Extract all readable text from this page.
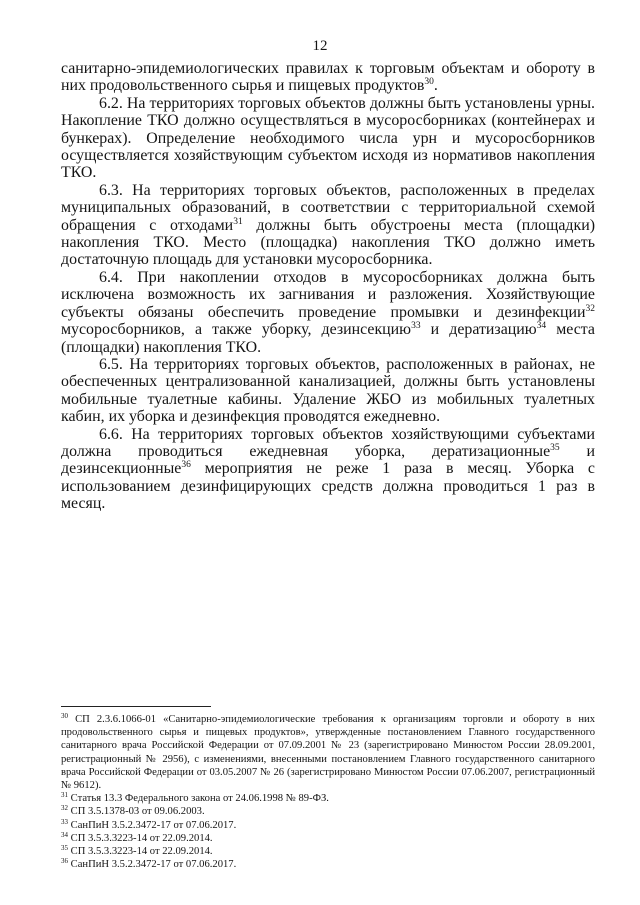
12

санитарно-эпидемиологических правилах к торговым объектам и обороту в них продовольственного сырья и пищевых продуктов$^{30}$.

6.2. На территориях торговых объектов должны быть установлены урны. Накопление ТКО должно осуществляться в мусоросборниках (контейнерах и бункерах). Определение необходимого числа урн и мусоросборников осуществляется хозяйствующим субъектом исходя из нормативов накопления ТКО.

6.3. На территориях торговых объектов, расположенных в пределах муниципальных образований, в соответствии с территориальной схемой обращения с отходами$^{31}$ должны быть обустроены места (площадки) накопления ТКО. Место (площадка) накопления ТКО должно иметь достаточную площадь для установки мусоросборника.

6.4. При накоплении отходов в мусоросборниках должна быть исключена возможность их загнивания и разложения. Хозяйствующие субъекты обязаны обеспечить проведение промывки и дезинфекции$^{32}$ мусоросборников, а также уборку, дезинсекцию$^{33}$ и дератизацию$^{34}$ места (площадки) накопления ТКО.

6.5. На территориях торговых объектов, расположенных в районах, не обеспеченных централизованной канализацией, должны быть установлены мобильные туалетные кабины. Удаление ЖБО из мобильных туалетных кабин, их уборка и дезинфекция проводятся ежедневно.

6.6. На территориях торговых объектов хозяйствующими субъектами должна проводиться ежедневная уборка, дератизационные$^{35}$ и дезинсекционные$^{36}$ мероприятия не реже 1 раза в месяц. Уборка с использованием дезинфицирующих средств должна проводиться 1 раз в месяц.

$^{30}$ СП 2.3.6.1066-01 «Санитарно-эпидемиологические требования к организациям торговли и обороту в них продовольственного сырья и пищевых продуктов», утвержденные постановлением Главного государственного санитарного врача Российской Федерации от 07.09.2001 № 23 (зарегистрировано Минюстом России 28.09.2001, регистрационный № 2956), с изменениями, внесенными постановлением Главного государственного санитарного врача Российской Федерации от 03.05.2007 № 26 (зарегистрировано Минюстом России 07.06.2007, регистрационный № 9612).

$^{31}$ Статья 13.3 Федерального закона от 24.06.1998 № 89-ФЗ.

$^{32}$ СП 3.5.1378-03 от 09.06.2003.

$^{33}$ СанПиН 3.5.2.3472-17 от 07.06.2017.

$^{34}$ СП 3.5.3.3223-14 от 22.09.2014.

$^{35}$ СП 3.5.3.3223-14 от 22.09.2014.

$^{36}$ СанПиН 3.5.2.3472-17 от 07.06.2017.
